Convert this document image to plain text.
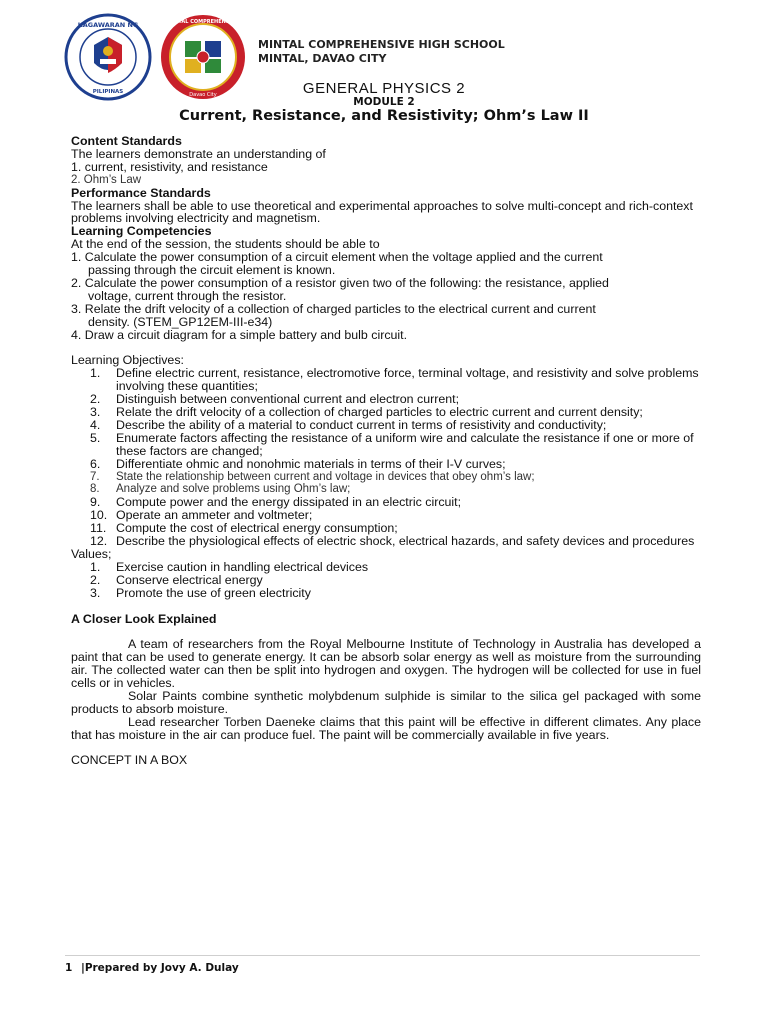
KAGAWARAN NG
PILIPINAS
MINTAL COMPREHENSIVE
Davao City
MINTAL COMPREHENSIVE HIGH SCHOOL
MINTAL, DAVAO CITY
GENERAL PHYSICS 2
MODULE 2
Current, Resistance, and Resistivity; Ohm’s Law II

Content Standards

The learners demonstrate an understanding of

1. current, resistivity, and resistance

2. Ohm’s Law

Performance Standards

The learners shall be able to use theoretical and experimental approaches to solve multi-concept and rich-context problems involving electricity and magnetism.

Learning Competencies

At the end of the session, the students should be able to

1. Calculate the power consumption of a circuit element when the voltage applied and the current

passing through the circuit element is known.

2. Calculate the power consumption of a resistor given two of the following: the resistance, applied

voltage, current through the resistor.

3. Relate the drift velocity of a collection of charged particles to the electrical current and current

density. (STEM_GP12EM-III-e34)

4. Draw a circuit diagram for a simple battery and bulb circuit.

Learning Objectives:

1. Define electric current, resistance, electromotive force, terminal voltage, and resistivity and solve problems involving these quantities;
2. Distinguish between conventional current and electron current;
3. Relate the drift velocity of a collection of charged particles to electric current and current density;
4. Describe the ability of a material to conduct current in terms of resistivity and conductivity;
5. Enumerate factors affecting the resistance of a uniform wire and calculate the resistance if one or more of these factors are changed;
6. Differentiate ohmic and nonohmic materials in terms of their I-V curves;
7. State the relationship between current and voltage in devices that obey ohm’s law;
8. Analyze and solve problems using Ohm’s law;
9. Compute power and the energy dissipated in an electric circuit;
10. Operate an ammeter and voltmeter;
11. Compute the cost of electrical energy consumption;
12. Describe the physiological effects of electric shock, electrical hazards, and safety devices and procedures

Values;

1. Exercise caution in handling electrical devices
2. Conserve electrical energy
3. Promote the use of green electricity

A Closer Look Explained

A team of researchers from the Royal Melbourne Institute of Technology in Australia has developed a paint that can be used to generate energy. It can be absorb solar energy as well as moisture from the surrounding air. The collected water can then be split into hydrogen and oxygen. The hydrogen will be collected for use in fuel cells or in vehicles.

Solar Paints combine synthetic molybdenum sulphide is similar to the silica gel packaged with some products to absorb moisture.

Lead researcher Torben Daeneke claims that this paint will be effective in different climates. Any place that has moisture in the air can produce fuel. The paint will be commercially available in five years.

CONCEPT IN A BOX

1 |Prepared by Jovy A. Dulay
